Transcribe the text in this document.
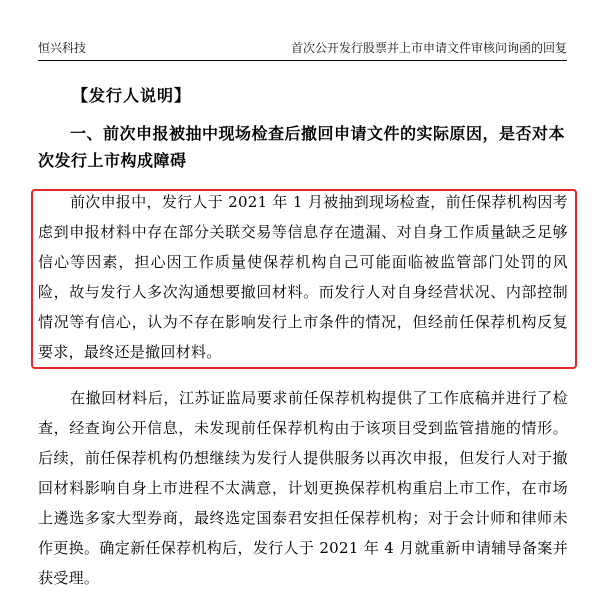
恒兴科技	首次公开发行股票并上市申请文件审核问询函的回复
【发行人说明】
一、前次申报被抽中现场检查后撤回申请文件的实际原因，是否对本次发行上市构成障碍
前次申报中，发行人于 2021 年 1 月被抽到现场检查，前任保荐机构因考虑到申报材料中存在部分关联交易等信息存在遗漏、对自身工作质量缺乏足够信心等因素，担心因工作质量使保荐机构自己可能面临被监管部门处罚的风险，故与发行人多次沟通想要撤回材料。而发行人对自身经营状况、内部控制情况等有信心，认为不存在影响发行上市条件的情况，但经前任保荐机构反复要求，最终还是撤回材料。
在撤回材料后，江苏证监局要求前任保荐机构提供了工作底稿并进行了检查，经查询公开信息，未发现前任保荐机构由于该项目受到监管措施的情形。后续，前任保荐机构仍想继续为发行人提供服务以再次申报，但发行人对于撤回材料影响自身上市进程不太满意，计划更换保荐机构重启上市工作，在市场上遴选多家大型券商，最终选定国泰君安担任保荐机构；对于会计师和律师未作更换。确定新任保荐机构后，发行人于 2021 年 4 月就重新申请辅导备案并获受理。
